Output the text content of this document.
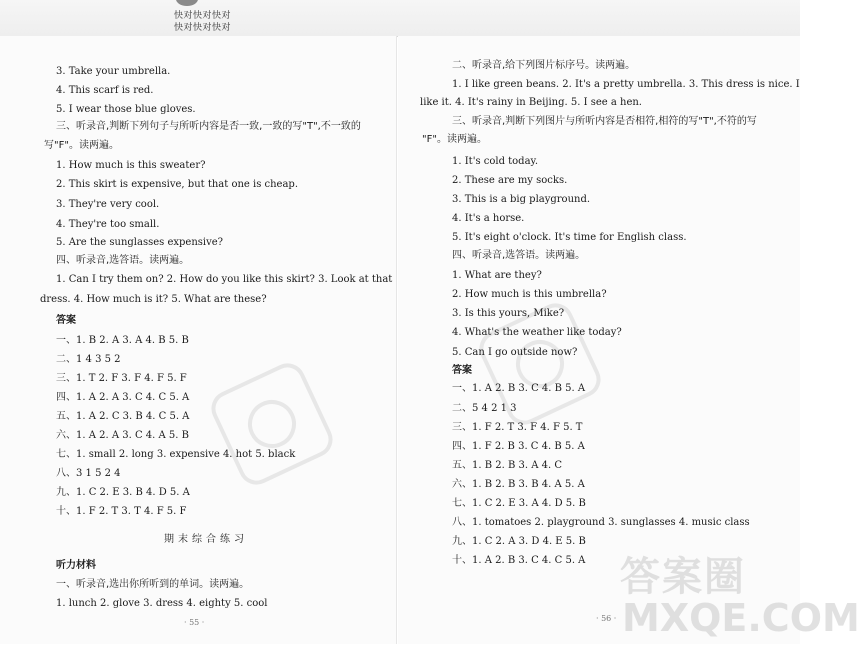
快对快对快对
快对快对快对
3. Take your umbrella.
4. This scarf is red.
5. I wear those blue gloves.
三、听录音,判断下列句子与所听内容是否一致,一致的写"T",不一致的
写"F"。读两遍。
1. How much is this sweater?
2. This skirt is expensive, but that one is cheap.
3. They're very cool.
4. They're too small.
5. Are the sunglasses expensive?
四、听录音,选答语。读两遍。
1. Can I try them on? 2. How do you like this skirt? 3. Look at that
dress. 4. How much is it? 5. What are these?
答案
一、1. B 2. A 3. A 4. B 5. B
二、1 4 3 5 2
三、1. T 2. F 3. F 4. F 5. F
四、1. A 2. A 3. C 4. C 5. A
五、1. A 2. C 3. B 4. C 5. A
六、1. A 2. A 3. C 4. A 5. B
七、1. small 2. long 3. expensive 4. hot 5. black
八、3 1 5 2 4
九、1. C 2. E 3. B 4. D 5. A
十、1. F 2. T 3. T 4. F 5. F
期末综合练习
听力材料
一、听录音,选出你所听到的单词。读两遍。
1. lunch 2. glove 3. dress 4. eighty 5. cool
· 55 ·
二、听录音,给下列图片标序号。读两遍。
1. I like green beans. 2. It's a pretty umbrella. 3. This dress is nice. I
like it. 4. It's rainy in Beijing. 5. I see a hen.
三、听录音,判断下列图片与所听内容是否相符,相符的写"T",不符的写
"F"。读两遍。
1. It's cold today.
2. These are my socks.
3. This is a big playground.
4. It's a horse.
5. It's eight o'clock. It's time for English class.
四、听录音,选答语。读两遍。
1. What are they?
2. How much is this umbrella?
3. Is this yours, Mike?
4. What's the weather like today?
5. Can I go outside now?
答案
一、1. A 2. B 3. C 4. B 5. A
二、5 4 2 1 3
三、1. F 2. T 3. F 4. F 5. T
四、1. F 2. B 3. C 4. B 5. A
五、1. B 2. B 3. A 4. C
六、1. B 2. B 3. B 4. A 5. A
七、1. C 2. E 3. A 4. D 5. B
八、1. tomatoes 2. playground 3. sunglasses 4. music class
九、1. C 2. A 3. D 4. E 5. B
十、1. A 2. B 3. C 4. C 5. A
· 56 ·
答案圈
MXQE.COM
